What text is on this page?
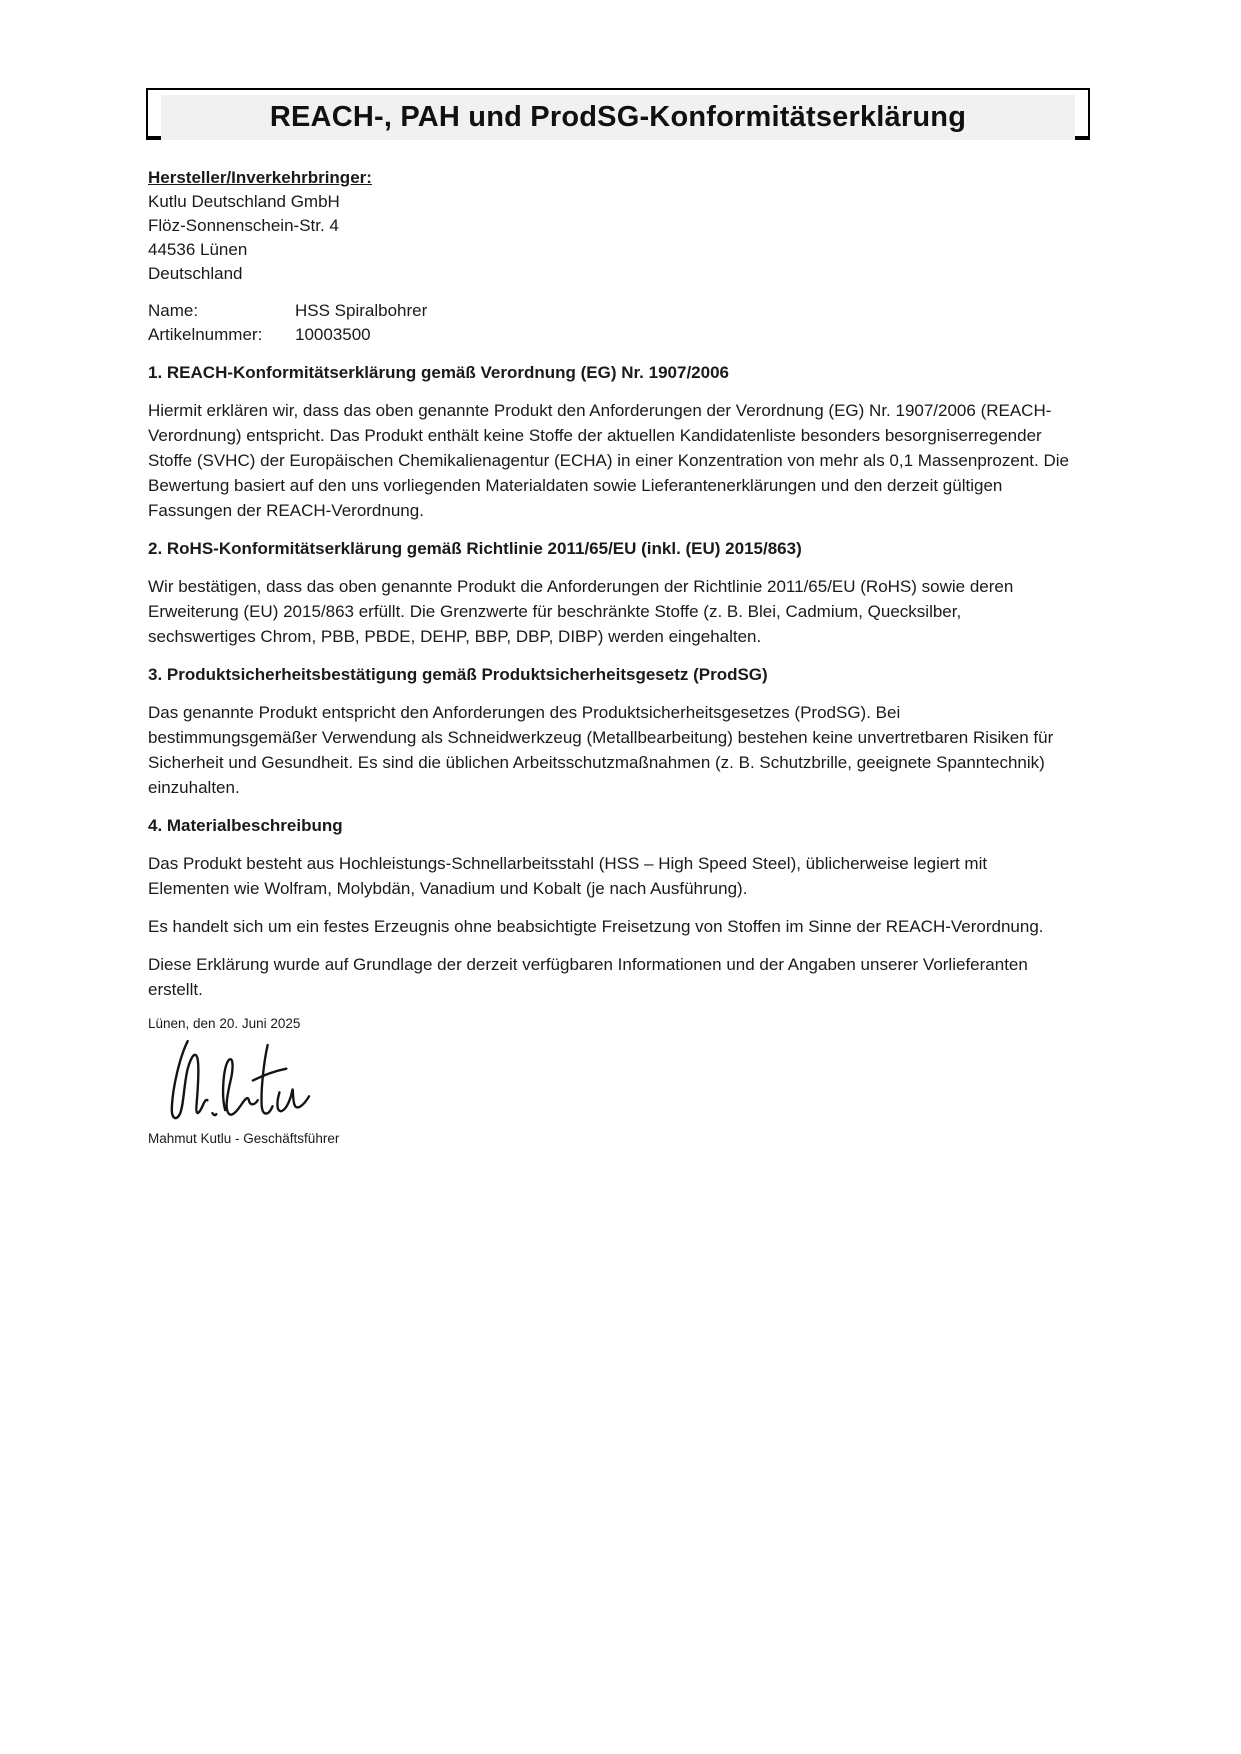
REACH-, PAH und ProdSG-Konformitätserklärung
Hersteller/Inverkehrbringer:
Kutlu Deutschland GmbH
Flöz-Sonnenschein-Str. 4
44536 Lünen
Deutschland
Name:	HSS Spiralbohrer
Artikelnummer:	10003500
1. REACH-Konformitätserklärung gemäß Verordnung (EG) Nr. 1907/2006

Hiermit erklären wir, dass das oben genannte Produkt den Anforderungen der Verordnung (EG) Nr. 1907/2006 (REACH-Verordnung) entspricht. Das Produkt enthält keine Stoffe der aktuellen Kandidatenliste besonders besorgniserregender Stoffe (SVHC) der Europäischen Chemikalienagentur (ECHA) in einer Konzentration von mehr als 0,1 Massenprozent. Die Bewertung basiert auf den uns vorliegenden Materialdaten sowie Lieferantenerklärungen und den derzeit gültigen Fassungen der REACH-Verordnung.

2. RoHS-Konformitätserklärung gemäß Richtlinie 2011/65/EU (inkl. (EU) 2015/863)

Wir bestätigen, dass das oben genannte Produkt die Anforderungen der Richtlinie 2011/65/EU (RoHS) sowie deren Erweiterung (EU) 2015/863 erfüllt. Die Grenzwerte für beschränkte Stoffe (z. B. Blei, Cadmium, Quecksilber, sechswertiges Chrom, PBB, PBDE, DEHP, BBP, DBP, DIBP) werden eingehalten.

3. Produktsicherheitsbestätigung gemäß Produktsicherheitsgesetz (ProdSG)

Das genannte Produkt entspricht den Anforderungen des Produktsicherheitsgesetzes (ProdSG). Bei bestimmungsgemäßer Verwendung als Schneidwerkzeug (Metallbearbeitung) bestehen keine unvertretbaren Risiken für Sicherheit und Gesundheit. Es sind die üblichen Arbeitsschutzmaßnahmen (z. B. Schutzbrille, geeignete Spanntechnik) einzuhalten.

4. Materialbeschreibung

Das Produkt besteht aus Hochleistungs-Schnellarbeitsstahl (HSS – High Speed Steel), üblicherweise legiert mit Elementen wie Wolfram, Molybdän, Vanadium und Kobalt (je nach Ausführung).

Es handelt sich um ein festes Erzeugnis ohne beabsichtigte Freisetzung von Stoffen im Sinne der REACH-Verordnung.

Diese Erklärung wurde auf Grundlage der derzeit verfügbaren Informationen und der Angaben unserer Vorlieferanten erstellt.

Lünen, den 20. Juni 2025

Mahmut Kutlu - Geschäftsführer
